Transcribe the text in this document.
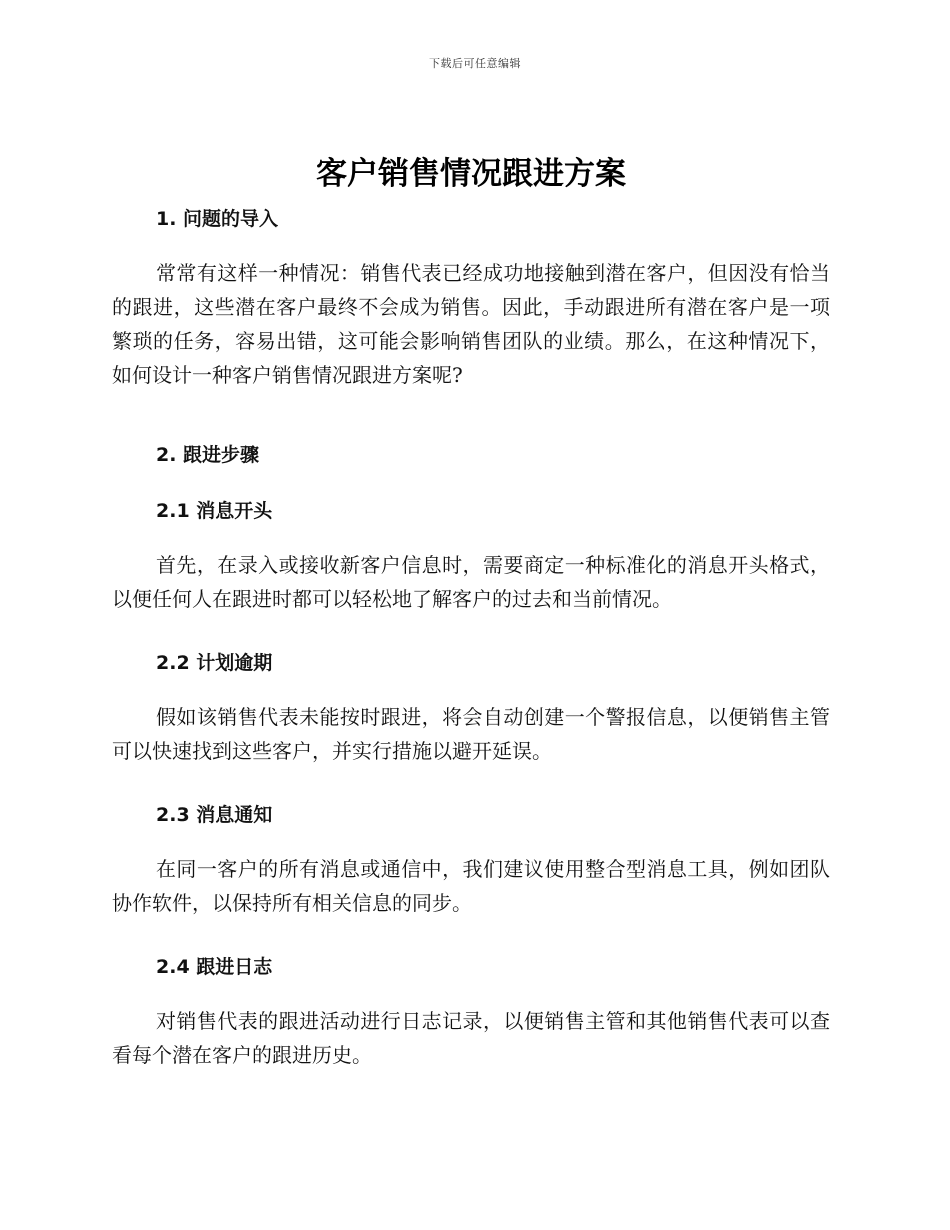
下载后可任意编辑
客户销售情况跟进方案
1. 问题的导入

常常有这样一种情况：销售代表已经成功地接触到潜在客户，但因没有恰当的跟进，这些潜在客户最终不会成为销售。因此，手动跟进所有潜在客户是一项繁琐的任务，容易出错，这可能会影响销售团队的业绩。那么，在这种情况下，如何设计一种客户销售情况跟进方案呢?

2. 跟进步骤
2.1 消息开头

首先，在录入或接收新客户信息时，需要商定一种标准化的消息开头格式，以便任何人在跟进时都可以轻松地了解客户的过去和当前情况。

2.2 计划逾期

假如该销售代表未能按时跟进，将会自动创建一个警报信息，以便销售主管可以快速找到这些客户，并实行措施以避开延误。

2.3 消息通知

在同一客户的所有消息或通信中，我们建议使用整合型消息工具，例如团队协作软件，以保持所有相关信息的同步。

2.4 跟进日志

对销售代表的跟进活动进行日志记录，以便销售主管和其他销售代表可以查看每个潜在客户的跟进历史。
